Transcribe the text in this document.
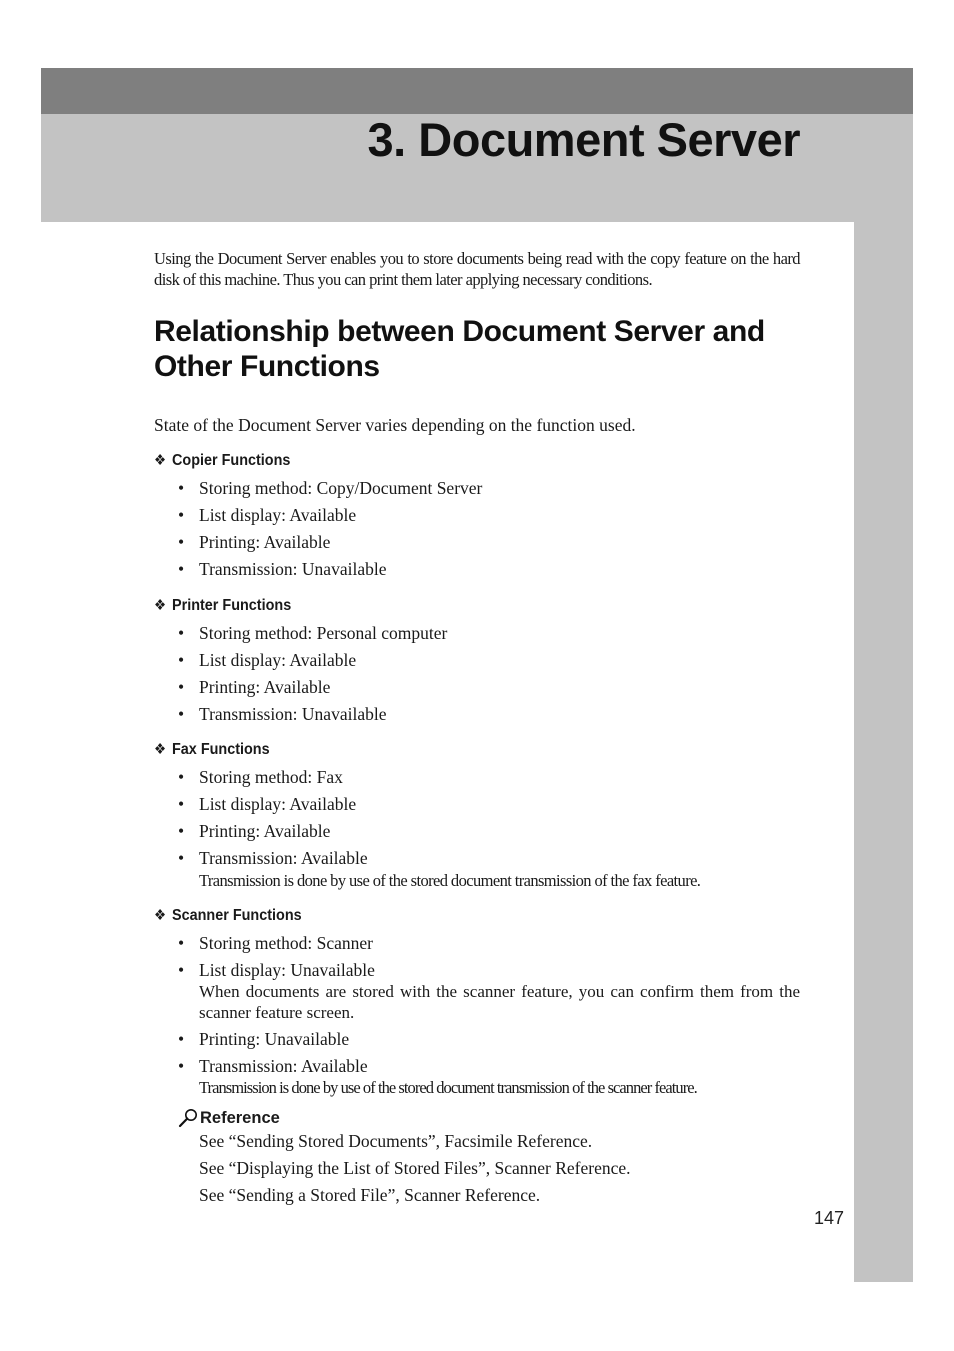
3. Document Server

Using the Document Server enables you to store documents being read with the copy feature on the hard disk of this machine. Thus you can print them later applying necessary conditions.

Relationship between Document Server and Other Functions

State of the Document Server varies depending on the function used.

❖ Copier Functions
• Storing method: Copy/Document Server
• List display: Available
• Printing: Available
• Transmission: Unavailable
❖ Printer Functions
• Storing method: Personal computer
• List display: Available
• Printing: Available
• Transmission: Unavailable
❖ Fax Functions
• Storing method: Fax
• List display: Available
• Printing: Available
• Transmission: Available
Transmission is done by use of the stored document transmission of the fax feature.
❖ Scanner Functions
• Storing method: Scanner
• List display: Unavailable
When documents are stored with the scanner feature, you can confirm them from the scanner feature screen.
• Printing: Unavailable
• Transmission: Available
Transmission is done by use of the stored document transmission of the scanner feature.
Reference
See “Sending Stored Documents”, Facsimile Reference.
See “Displaying the List of Stored Files”, Scanner Reference.
See “Sending a Stored File”, Scanner Reference.
147
